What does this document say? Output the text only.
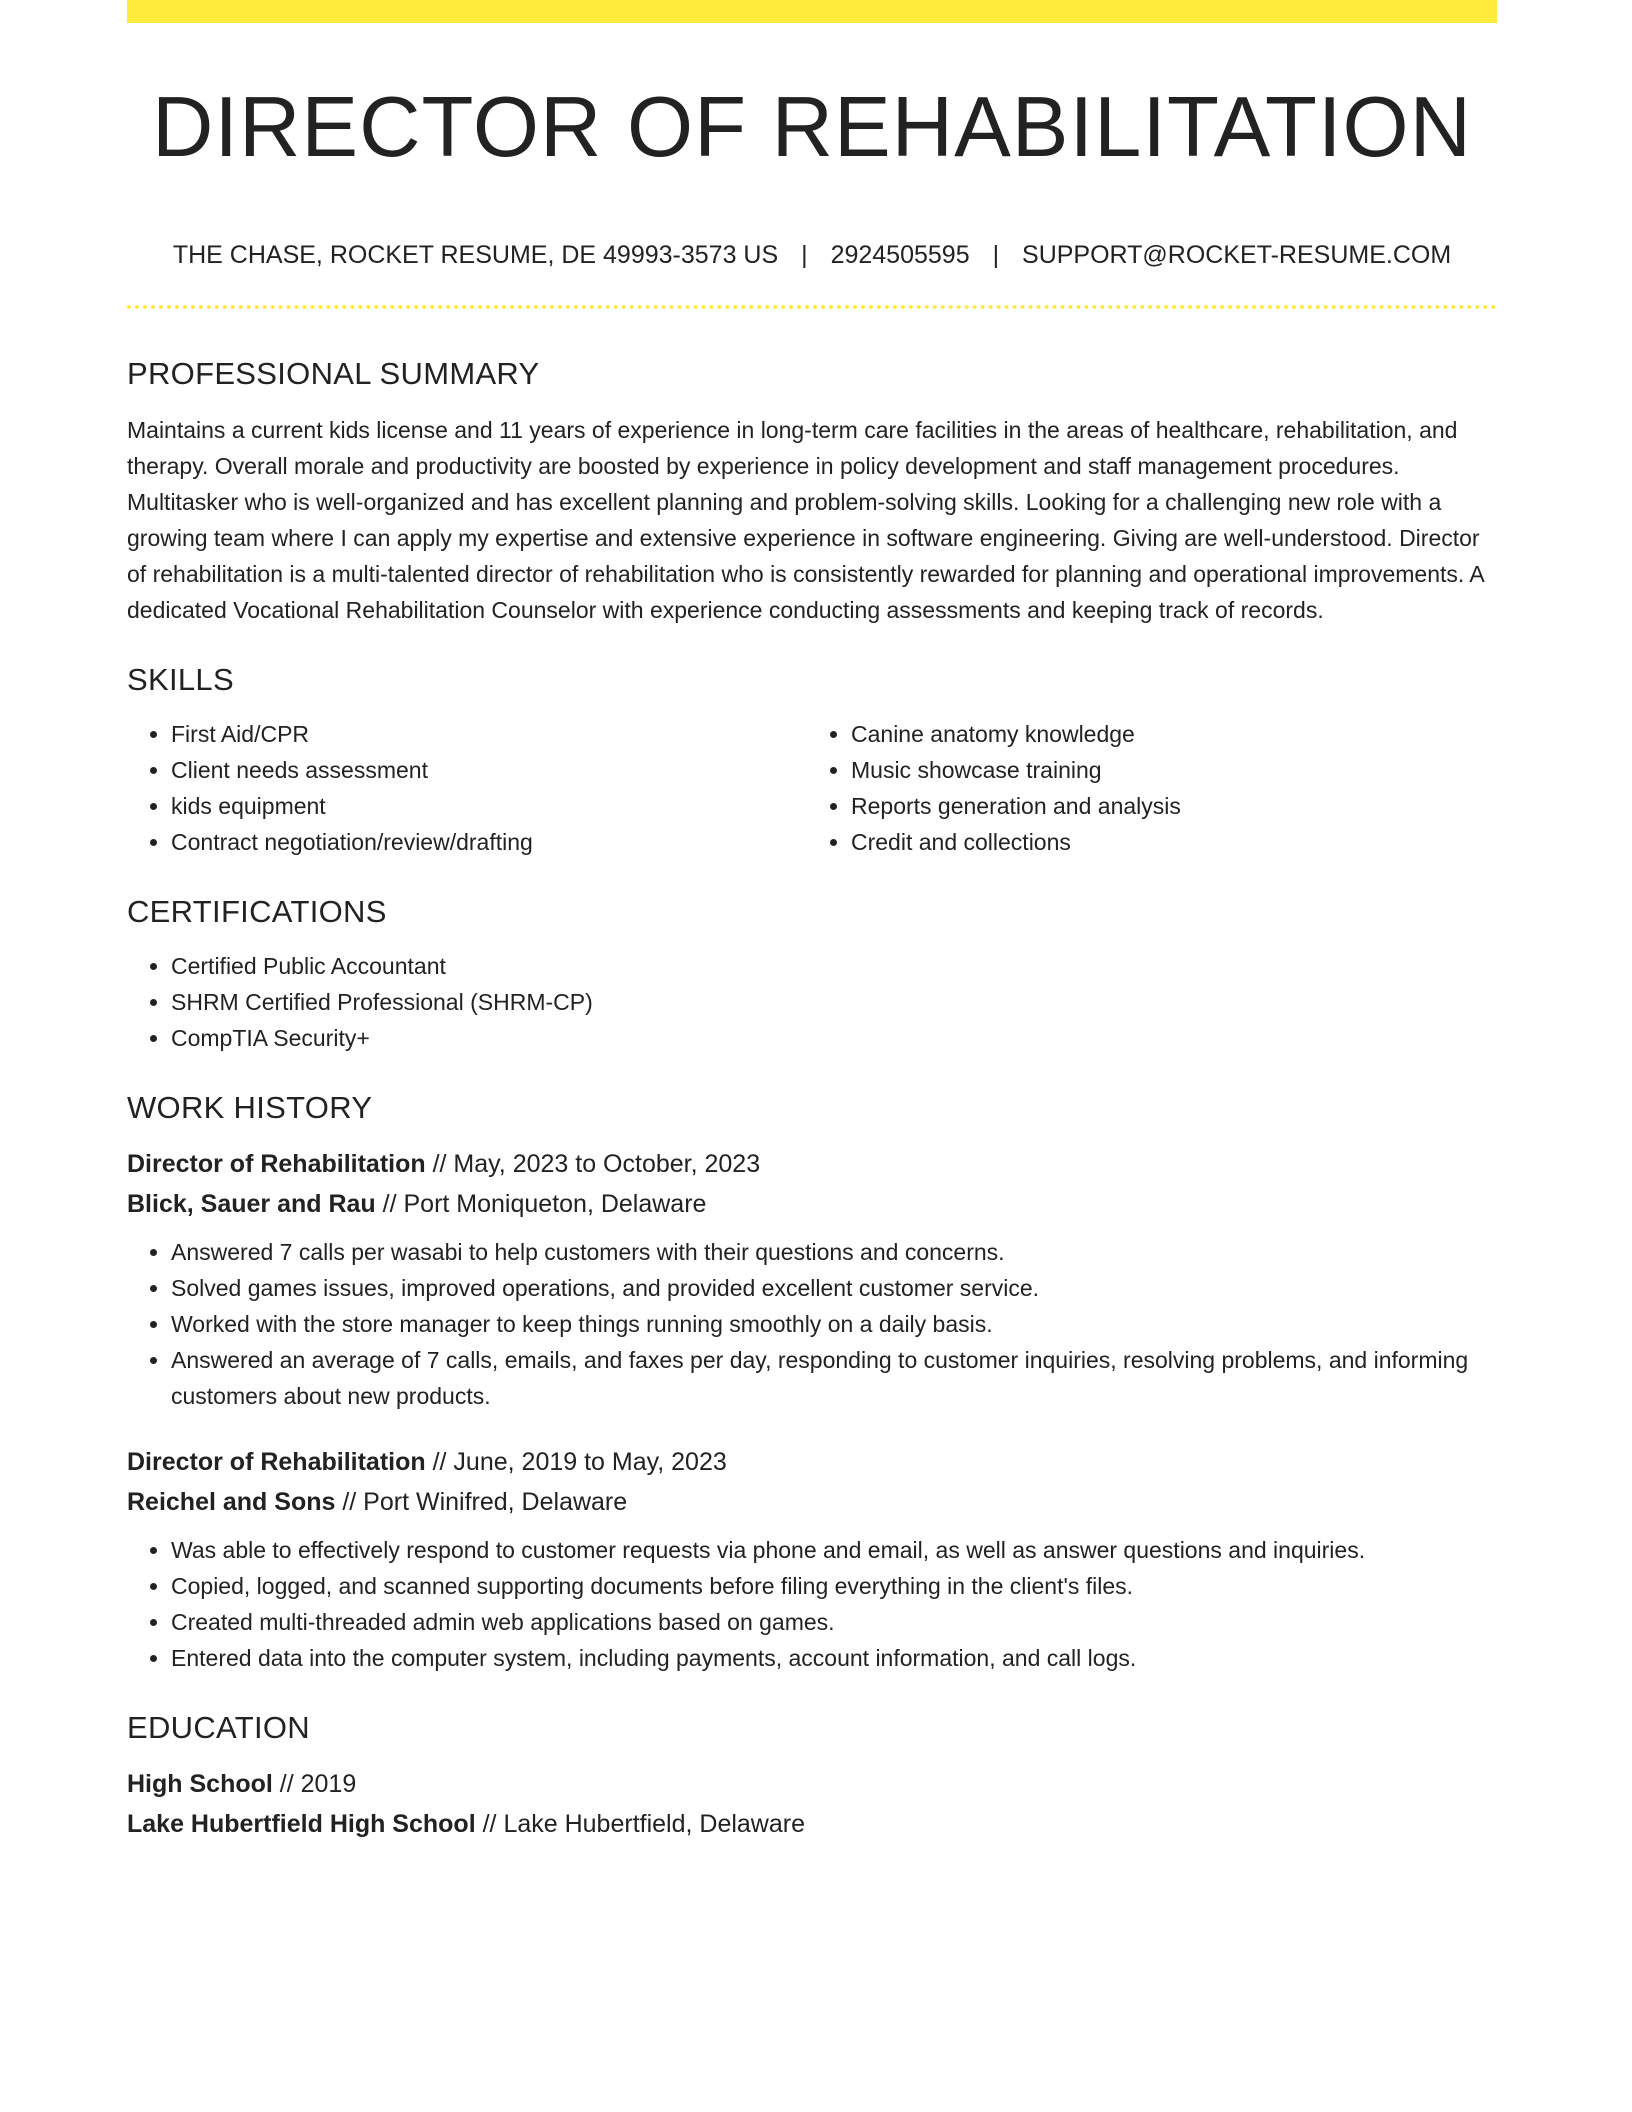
DIRECTOR OF REHABILITATION
THE CHASE, ROCKET RESUME, DE 49993-3573 US | 2924505595 | SUPPORT@ROCKET-RESUME.COM
PROFESSIONAL SUMMARY

Maintains a current kids license and 11 years of experience in long-term care facilities in the areas of healthcare, rehabilitation, and therapy. Overall morale and productivity are boosted by experience in policy development and staff management procedures. Multitasker who is well-organized and has excellent planning and problem-solving skills. Looking for a challenging new role with a growing team where I can apply my expertise and extensive experience in software engineering. Giving are well-understood. Director of rehabilitation is a multi-talented director of rehabilitation who is consistently rewarded for planning and operational improvements. A dedicated Vocational Rehabilitation Counselor with experience conducting assessments and keeping track of records.

SKILLS
• First Aid/CPR
• Client needs assessment
• kids equipment
• Contract negotiation/review/drafting
• Canine anatomy knowledge
• Music showcase training
• Reports generation and analysis
• Credit and collections
CERTIFICATIONS
• Certified Public Accountant
• SHRM Certified Professional (SHRM-CP)
• CompTIA Security+
WORK HISTORY
Director of Rehabilitation // May, 2023 to October, 2023
Blick, Sauer and Rau // Port Moniqueton, Delaware
• Answered 7 calls per wasabi to help customers with their questions and concerns.
• Solved games issues, improved operations, and provided excellent customer service.
• Worked with the store manager to keep things running smoothly on a daily basis.
• Answered an average of 7 calls, emails, and faxes per day, responding to customer inquiries, resolving problems, and informing customers about new products.
Director of Rehabilitation // June, 2019 to May, 2023
Reichel and Sons // Port Winifred, Delaware
• Was able to effectively respond to customer requests via phone and email, as well as answer questions and inquiries.
• Copied, logged, and scanned supporting documents before filing everything in the client's files.
• Created multi-threaded admin web applications based on games.
• Entered data into the computer system, including payments, account information, and call logs.
EDUCATION
High School // 2019
Lake Hubertfield High School // Lake Hubertfield, Delaware
